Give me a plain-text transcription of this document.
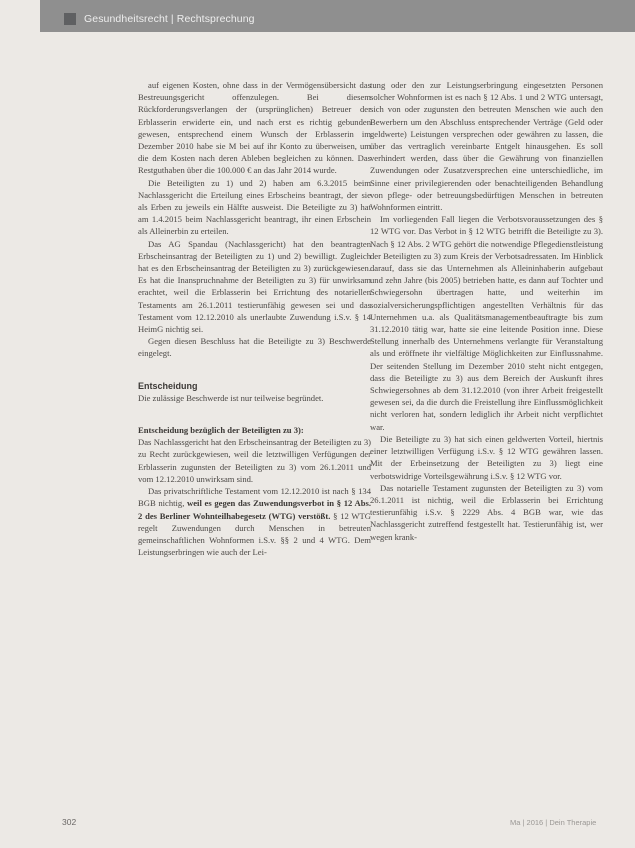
Gesundheitsrecht | Rechtsprechung

auf eigenen Kosten, ohne dass in der Vermögensübersicht das Bestreuungsgericht offenzulegen. Bei diesem Rückforderungsverlangen der (ursprünglichen) Betreuer der Erblasserin erwiderte ein, und nach erst es richtig gebunden gewesen, entsprechend einem Wunsch der Erblasserin im Dezember 2010 habe sie M bei auf ihr Konto zu überweisen, um die dem Kosten nach deren Ableben begleichen zu können. Das Restguthaben über die 100.000 € an das Jahr 2014 wurde.

Die Beteiligten zu 1) und 2) haben am 6.3.2015 beim Nachlassgericht die Erteilung eines Erbscheins beantragt, der sie als Erben zu jeweils ein Hälfte ausweist. Die Beteiligte zu 3) hat am 1.4.2015 beim Nachlassgericht beantragt, ihr einen Erbschein als Alleinerbin zu erteilen.

Das AG Spandau (Nachlassgericht) hat den beantragten Erbscheinsantrag der Beteiligten zu 1) und 2) bewilligt. Zugleich hat es den Erbscheinsantrag der Beteiligten zu 3) zurückgewiesen. Es hat die Inanspruchnahme der Beteiligten zu 3) für unwirksam erachtet, weil die Erblasserin bei Errichtung des notariellen Testaments am 26.1.2011 testierunfähig gewesen sei und das Testament vom 12.12.2010 als unerlaubte Zuwendung i.S.v. § 14 HeimG nichtig sei.

Gegen diesen Beschluss hat die Beteiligte zu 3) Beschwerde eingelegt.

Entscheidung

Die zulässige Beschwerde ist nur teilweise begründet.

Entscheidung bezüglich der Beteiligten zu 3):

Das Nachlassgericht hat den Erbscheinsantrag der Beteiligten zu 3) zu Recht zurückgewiesen, weil die letztwilligen Verfügungen der Erblasserin zugunsten der Beteiligten zu 3) vom 26.1.2011 und vom 12.12.2010 unwirksam sind.

Das privatschriftliche Testament vom 12.12.2010 ist nach § 134 BGB nichtig, weil es gegen das Zuwendungsverbot in § 12 Abs. 2 des Berliner Wohnteilhabegesetz (WTG) verstößt. § 12 WTG regelt Zuwendungen durch Menschen in betreuten gemeinschaftlichen Wohnformen i.S.v. §§ 2 und 4 WTG. Dem Leistungserbringen wie auch der Lei-

tung oder den zur Leistungserbringung eingesetzten Personen solcher Wohnformen ist es nach § 12 Abs. 1 und 2 WTG untersagt, sich von oder zugunsten den betreuten Menschen wie auch den Bewerbern um den Abschluss entsprechender Verträge (Geld oder geldwerte) Leistungen versprechen oder gewähren zu lassen, die über das vertraglich vereinbarte Entgelt hinausgehen. Es soll verhindert werden, dass über die Gewährung von finanziellen Zuwendungen oder Zusatzversprechen eine unterschiedliche, im Sinne einer privilegierenden oder benachteiligenden Behandlung von pflege- oder betreuungsbedürftigen Menschen in betreuten Wohnformen eintritt.

Im vorliegenden Fall liegen die Verbotsvoraussetzungen des § 12 WTG vor. Das Verbot in § 12 WTG betrifft die Beteiligte zu 3). Nach § 12 Abs. 2 WTG gehört die notwendige Pflegedienstleistung der Beteiligten zu 3) zum Kreis der Verbotsadressaten. Im Hinblick darauf, dass sie das Unternehmen als Alleininhaberin aufgebaut und zehn Jahre (bis 2005) betrieben hatte, es dann auf Tochter und Schwiegersohn übertragen hatte, und weiterhin im sozialversicherungspflichtigen angestellten Verhältnis für das Unternehmen u.a. als Qualitätsmanagementbeauftragte bis zum 31.12.2010 tätig war, hatte sie eine leitende Position inne. Diese Stellung innerhalb des Unternehmens verlangte für Veranstaltung als und eröffnete ihr vielfältige Möglichkeiten zur Einflussnahme. Der seitenden Stellung im Dezember 2010 steht nicht entgegen, dass die Beteiligte zu 3) aus dem Bereich der Auskunft ihres Schwiegersohnes ab dem 31.12.2010 (von ihrer Arbeit freigestellt gewesen sei, da die durch die Freistellung ihre Einflussmöglichkeit nicht verloren hat, sondern lediglich ihr Arbeit nicht verpflichtet war.

Die Beteiligte zu 3) hat sich einen geldwerten Vorteil, hiertnis einer letztwilligen Verfügung i.S.v. § 12 WTG gewähren lassen. Mit der Erbeinsetzung der Beteiligten zu 3) liegt eine verbotswidrige Vorteilsgewährung i.S.v. § 12 WTG vor.

Das notarielle Testament zugunsten der Beteiligten zu 3) vom 26.1.2011 ist nichtig, weil die Erblasserin bei Errichtung testierunfähig i.S.v. § 2229 Abs. 4 BGB war, wie das Nachlassgericht zutreffend festgestellt hat. Testierunfähig ist, wer wegen krank-

302	Ma | 2016 | Dein Therapie
